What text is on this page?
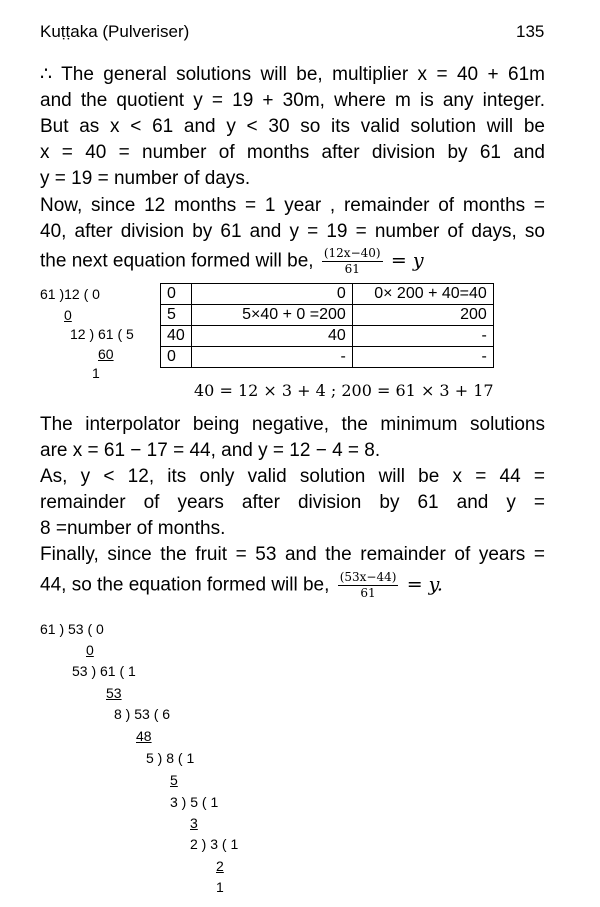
Kuṭṭaka (Pulveriser)	135
∴ The general solutions will be, multiplier x = 40 + 61m
and the quotient y = 19 + 30m, where m is any integer.
But as x < 61 and y < 30 so its valid solution will be
x = 40 = number of months after division by 61 and
y = 19 = number of days.
Now, since 12 months = 1 year , remainder of months =
40, after division by 61 and y = 19 = number of days, so
the next equation formed will be, $\frac{(12x-40)}{61} = y$
61 )12 ( 0
0
12 ) 61 ( 5
60
1
0	0	0× 200 + 40=40
5	5×40 + 0 =200	200
40	40	-
0	-	-
40 = 12 × 3 + 4 ; 200 = 61 × 3 + 17
The interpolator being negative, the minimum solutions
are x = 61 − 17 = 44, and y = 12 − 4 = 8.
As, y < 12, its only valid solution will be x = 44 =
remainder of years after division by 61 and y =
8 =number of months.
Finally, since the fruit = 53 and the remainder of years =
44, so the equation formed will be, $\frac{(53x-44)}{61} = y$.
61 ) 53 ( 0
0
53 ) 61 ( 1
53
8 ) 53 ( 6
48
5 ) 8 ( 1
5
3 ) 5 ( 1
3
2 ) 3 ( 1
2
1
